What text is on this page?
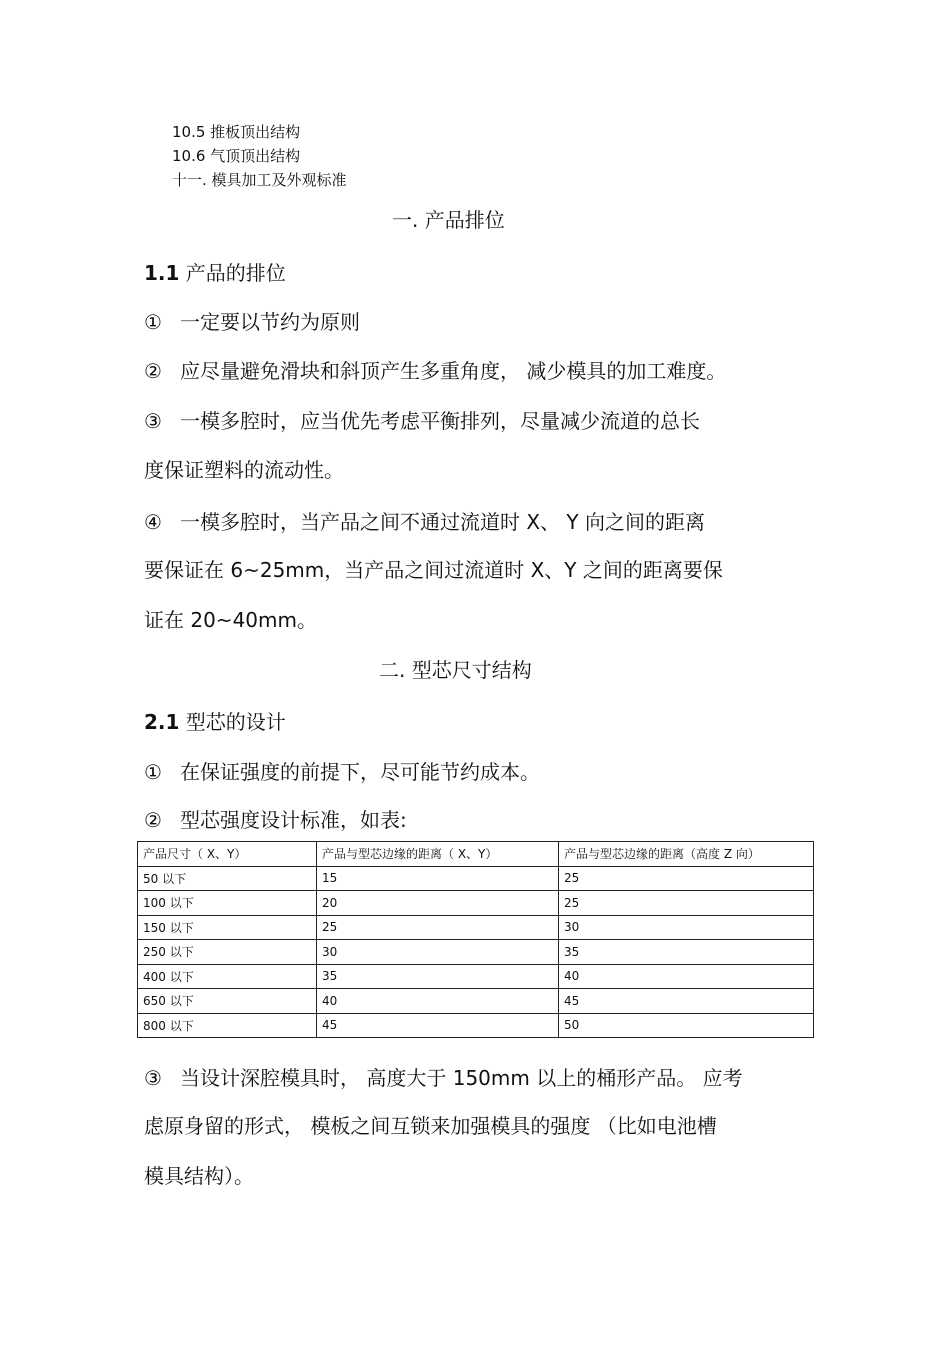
10.5 推板顶出结构
10.6 气顶顶出结构
十一. 模具加工及外观标准
一. 产品排位
1.1 产品的排位
① 一定要以节约为原则
② 应尽量避免滑块和斜顶产生多重角度， 减少模具的加工难度。
③ 一模多腔时，应当优先考虑平衡排列，尽量减少流道的总长
度保证塑料的流动性。
④ 一模多腔时，当产品之间不通过流道时 X、 Y 向之间的距离
要保证在 6~25mm，当产品之间过流道时 X、Y 之间的距离要保
证在 20~40mm。
二. 型芯尺寸结构
2.1 型芯的设计
① 在保证强度的前提下，尽可能节约成本。
② 型芯强度设计标准，如表:
产品尺寸（ X、Y）	产品与型芯边缘的距离（ X、Y）	产品与型芯边缘的距离（高度 Z 向）
50 以下	15	25
100 以下	20	25
150 以下	25	30
250 以下	30	35
400 以下	35	40
650 以下	40	45
800 以下	45	50
③ 当设计深腔模具时， 高度大于 150mm 以上的桶形产品。 应考
虑原身留的形式， 模板之间互锁来加强模具的强度 （比如电池槽
模具结构）。
